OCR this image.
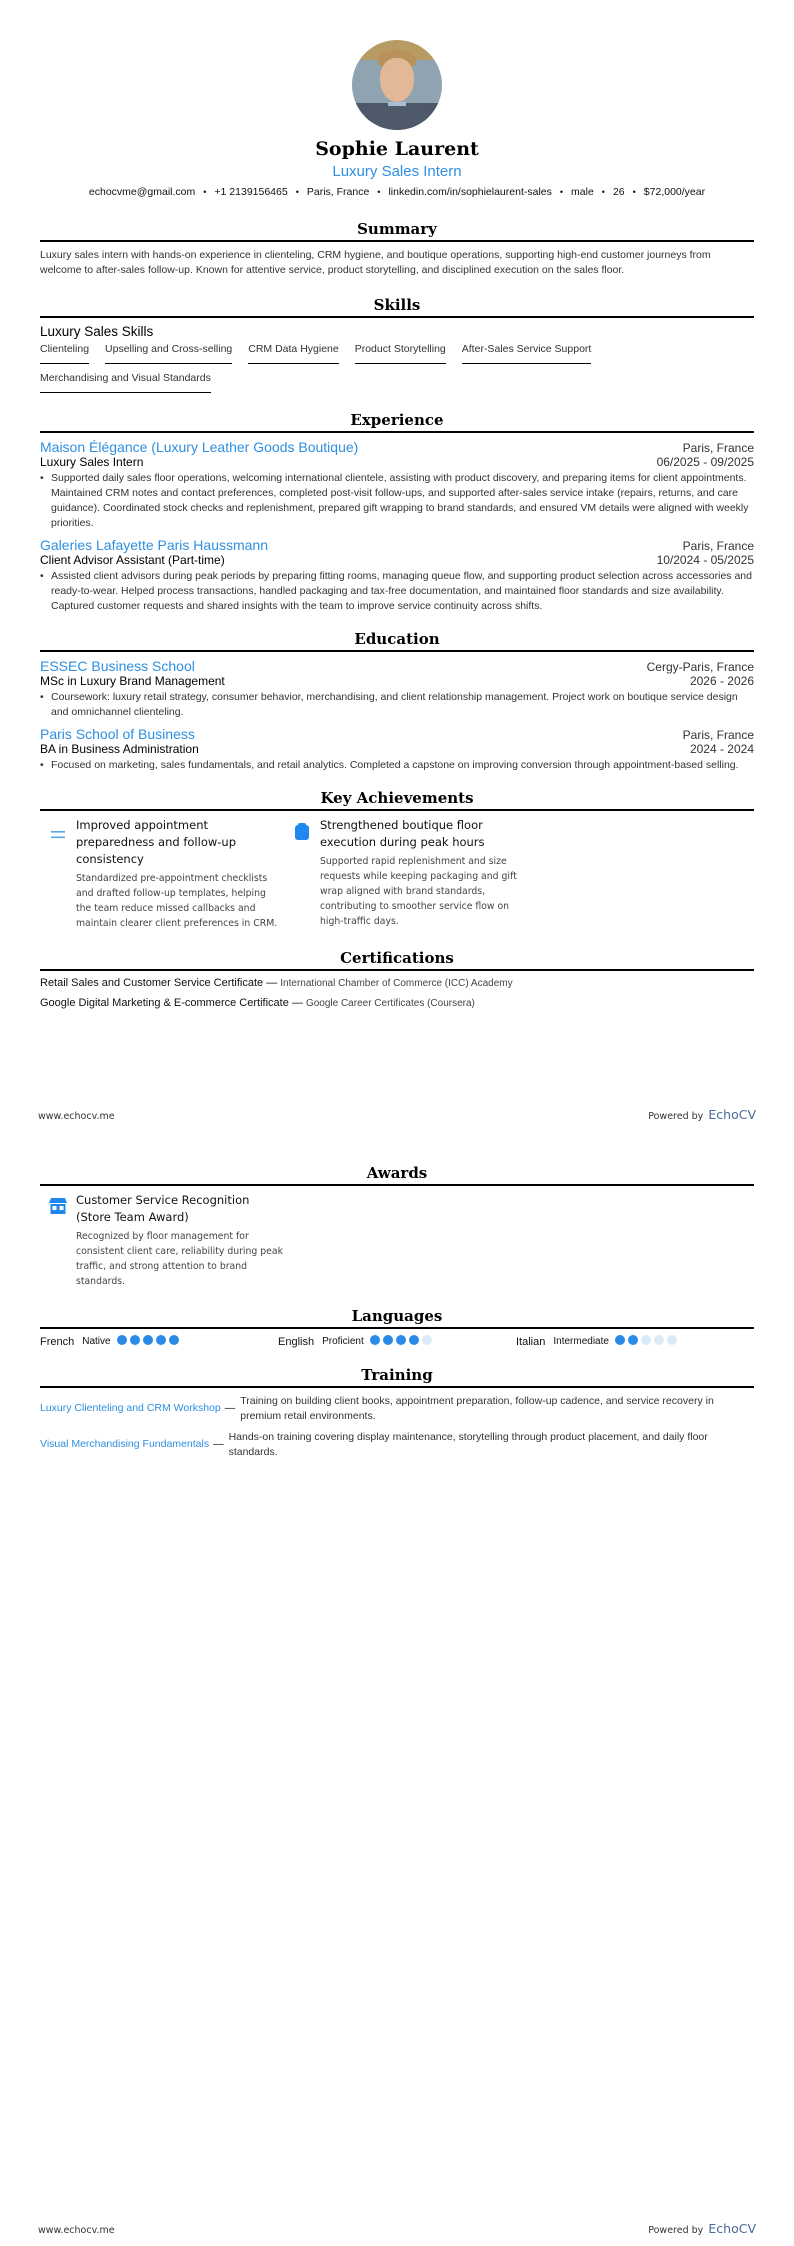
Sophie Laurent
Luxury Sales Intern
echocvme@gmail.com • +1 2139156465 • Paris, France • linkedin.com/in/sophielaurent-sales • male • 26 • $72,000/year
Summary
Luxury sales intern with hands-on experience in clienteling, CRM hygiene, and boutique operations, supporting high-end customer journeys from welcome to after-sales follow-up. Known for attentive service, product storytelling, and disciplined execution on the sales floor.
Skills
Luxury Sales Skills
Clienteling Upselling and Cross-selling CRM Data Hygiene Product Storytelling After-Sales Service Support
Merchandising and Visual Standards
Experience
Maison Élégance (Luxury Leather Goods Boutique)	Paris, France
Luxury Sales Intern	06/2025 - 09/2025
• Supported daily sales floor operations, welcoming international clientele, assisting with product discovery, and preparing items for client appointments. Maintained CRM notes and contact preferences, completed post-visit follow-ups, and supported after-sales service intake (repairs, returns, and care guidance). Coordinated stock checks and replenishment, prepared gift wrapping to brand standards, and ensured VM details were aligned with weekly priorities.
Galeries Lafayette Paris Haussmann	Paris, France
Client Advisor Assistant (Part-time)	10/2024 - 05/2025
• Assisted client advisors during peak periods by preparing fitting rooms, managing queue flow, and supporting product selection across accessories and ready-to-wear. Helped process transactions, handled packaging and tax-free documentation, and maintained floor standards and size availability. Captured customer requests and shared insights with the team to improve service continuity across shifts.
Education
ESSEC Business School	Cergy-Paris, France
MSc in Luxury Brand Management	2026 - 2026
• Coursework: luxury retail strategy, consumer behavior, merchandising, and client relationship management. Project work on boutique service design and omnichannel clienteling.
Paris School of Business	Paris, France
BA in Business Administration	2024 - 2024
• Focused on marketing, sales fundamentals, and retail analytics. Completed a capstone on improving conversion through appointment-based selling.
Key Achievements
Improved appointment preparedness and follow-up consistency
Standardized pre-appointment checklists and drafted follow-up templates, helping the team reduce missed callbacks and maintain clearer client preferences in CRM.
Strengthened boutique floor execution during peak hours
Supported rapid replenishment and size requests while keeping packaging and gift wrap aligned with brand standards, contributing to smoother service flow on high-traffic days.
Certifications
Retail Sales and Customer Service Certificate — International Chamber of Commerce (ICC) Academy
Google Digital Marketing & E-commerce Certificate — Google Career Certificates (Coursera)
www.echocv.me	Powered by EchoCV
Awards
Customer Service Recognition (Store Team Award)
Recognized by floor management for consistent client care, reliability during peak traffic, and strong attention to brand standards.
Languages
French Native	English Proficient	Italian Intermediate
Training
Luxury Clienteling and CRM Workshop —
Training on building client books, appointment preparation, follow-up cadence, and service recovery in premium retail environments.
Visual Merchandising Fundamentals —
Hands-on training covering display maintenance, storytelling through product placement, and daily floor standards.
www.echocv.me	Powered by EchoCV
